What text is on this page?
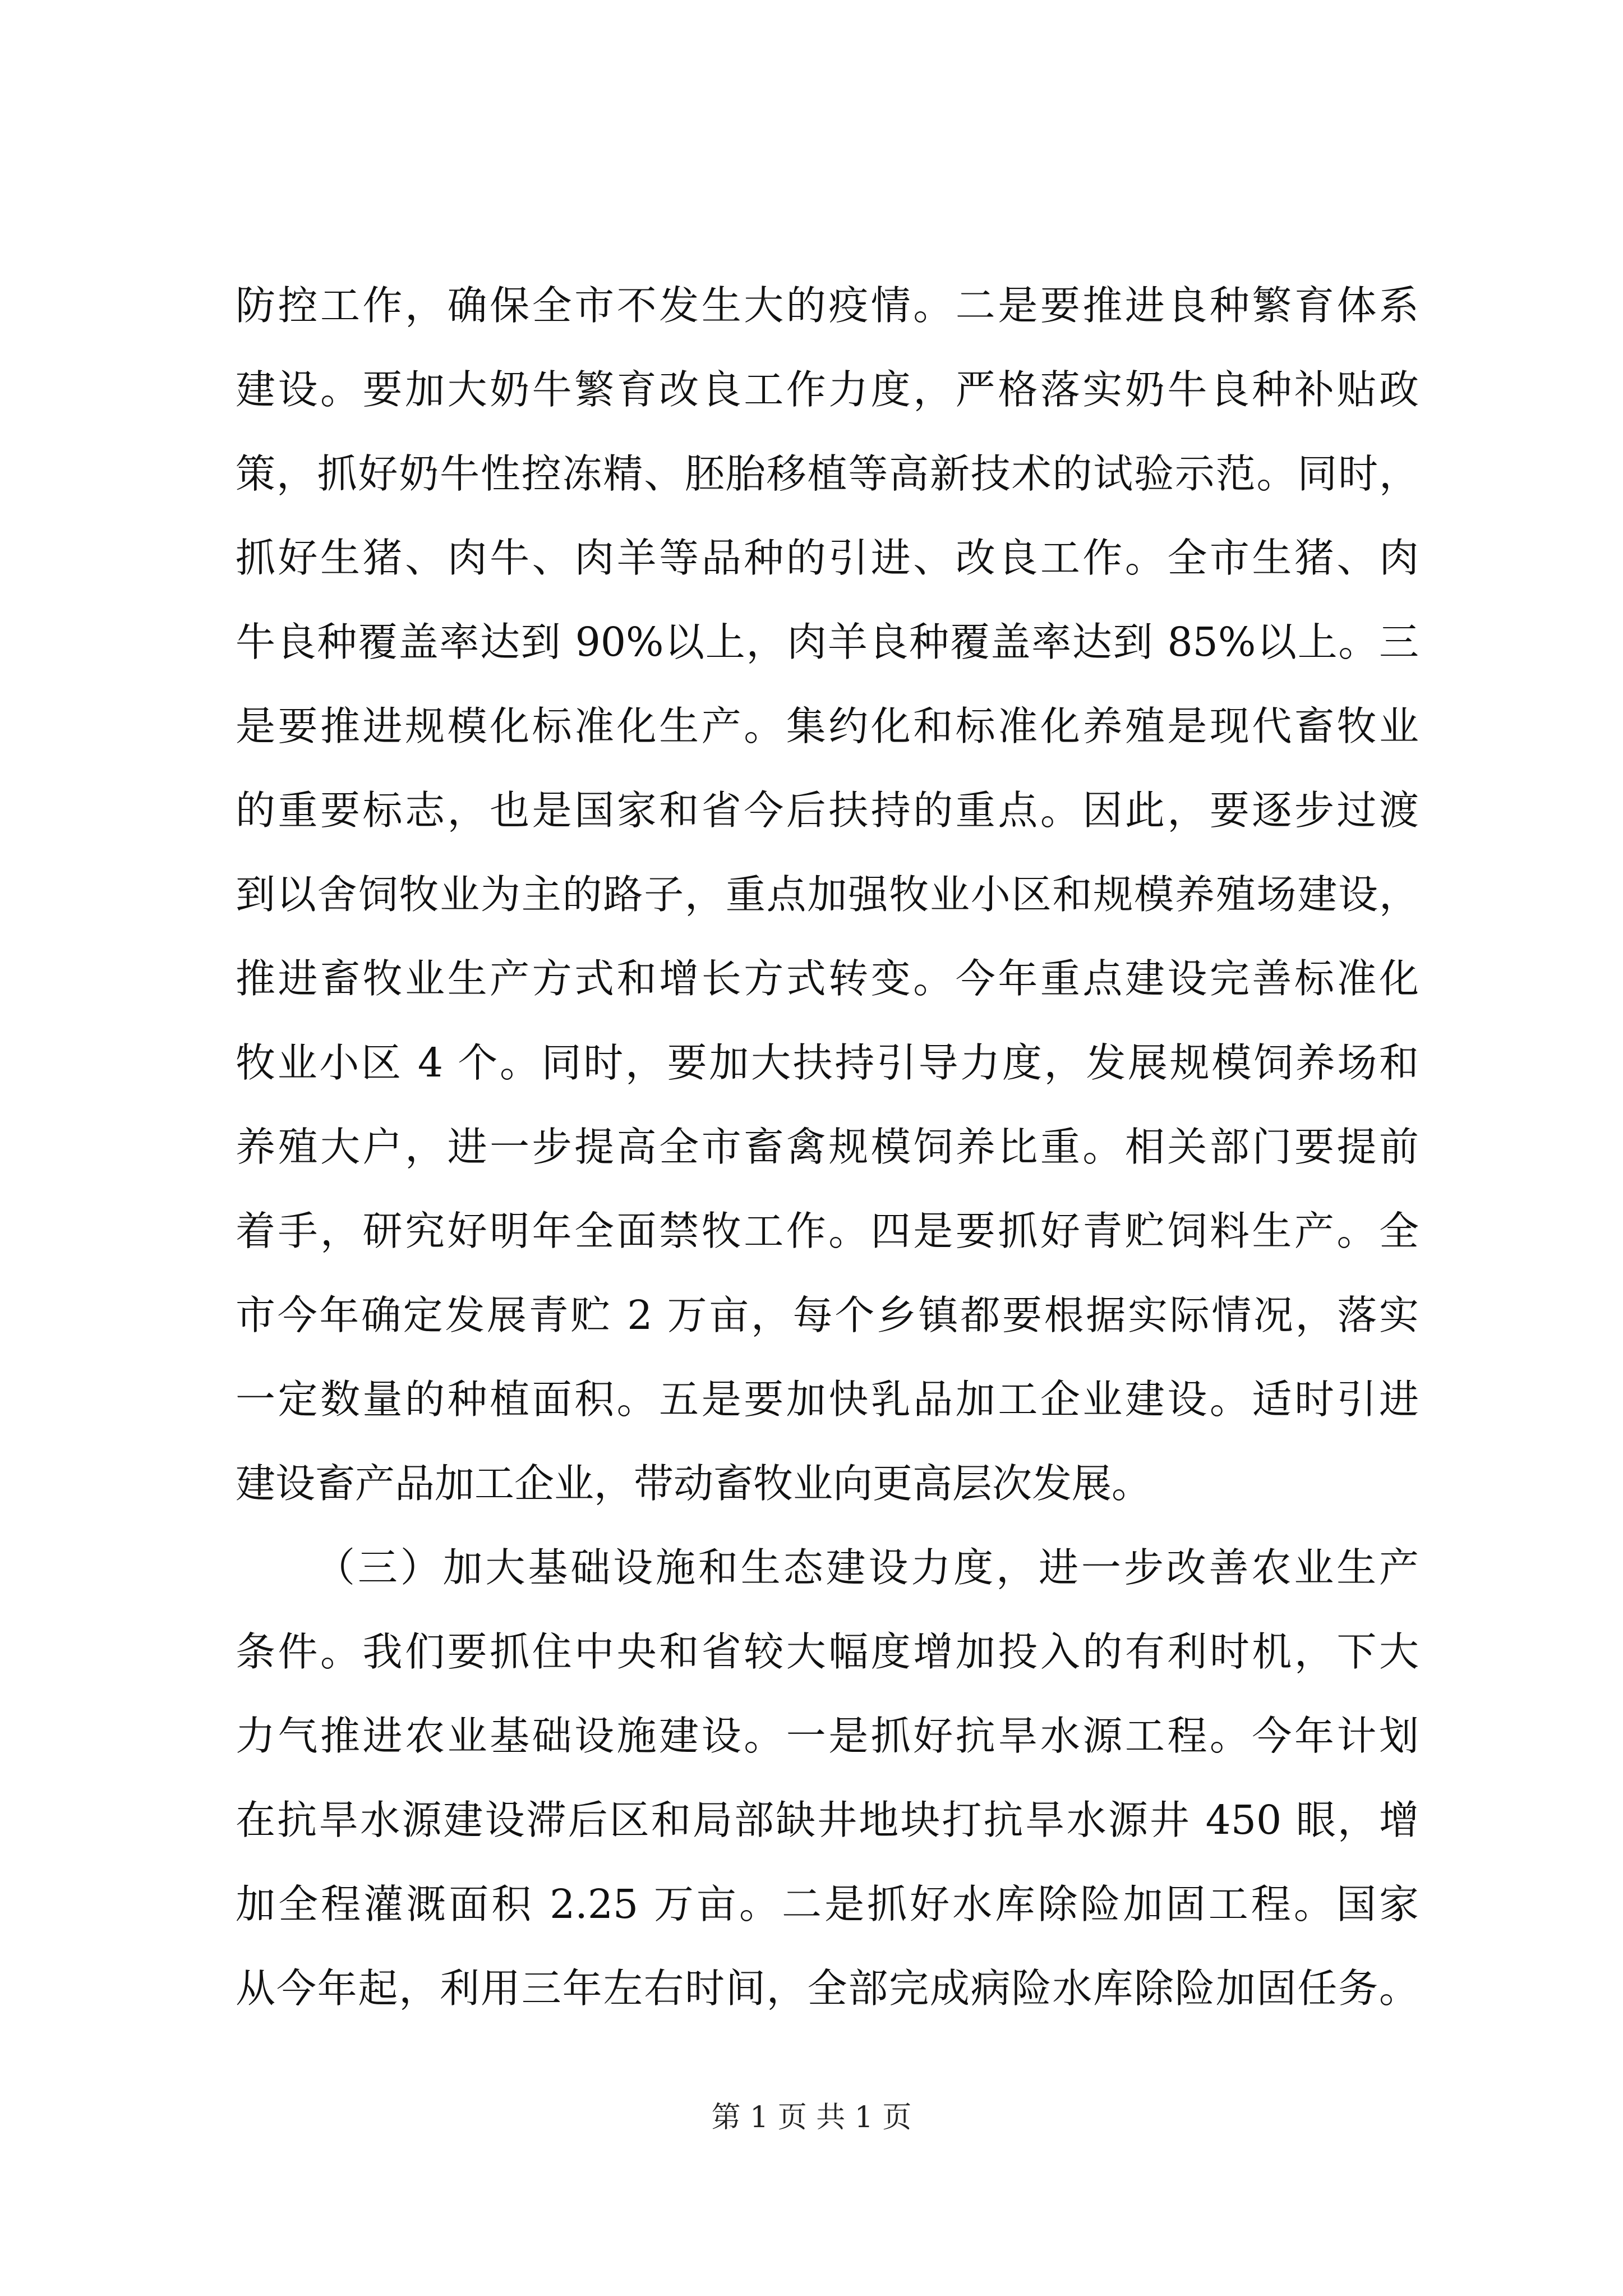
防控工作，确保全市不发生大的疫情。二是要推进良种繁育体系
建设。要加大奶牛繁育改良工作力度，严格落实奶牛良种补贴政
策，抓好奶牛性控冻精、胚胎移植等高新技术的试验示范。同时，
抓好生猪、肉牛、肉羊等品种的引进、改良工作。全市生猪、肉
牛良种覆盖率达到 90%以上，肉羊良种覆盖率达到 85%以上。三
是要推进规模化标准化生产。集约化和标准化养殖是现代畜牧业
的重要标志，也是国家和省今后扶持的重点。因此，要逐步过渡
到以舍饲牧业为主的路子，重点加强牧业小区和规模养殖场建设，
推进畜牧业生产方式和增长方式转变。今年重点建设完善标准化
牧业小区 4 个。同时，要加大扶持引导力度，发展规模饲养场和
养殖大户，进一步提高全市畜禽规模饲养比重。相关部门要提前
着手，研究好明年全面禁牧工作。四是要抓好青贮饲料生产。全
市今年确定发展青贮 2 万亩，每个乡镇都要根据实际情况，落实
一定数量的种植面积。五是要加快乳品加工企业建设。适时引进
建设畜产品加工企业，带动畜牧业向更高层次发展。
（三）加大基础设施和生态建设力度，进一步改善农业生产
条件。我们要抓住中央和省较大幅度增加投入的有利时机，下大
力气推进农业基础设施建设。一是抓好抗旱水源工程。今年计划
在抗旱水源建设滞后区和局部缺井地块打抗旱水源井 450 眼，增
加全程灌溉面积 2.25 万亩。二是抓好水库除险加固工程。国家
从今年起，利用三年左右时间，全部完成病险水库除险加固任务。
第 1 页 共 1 页
